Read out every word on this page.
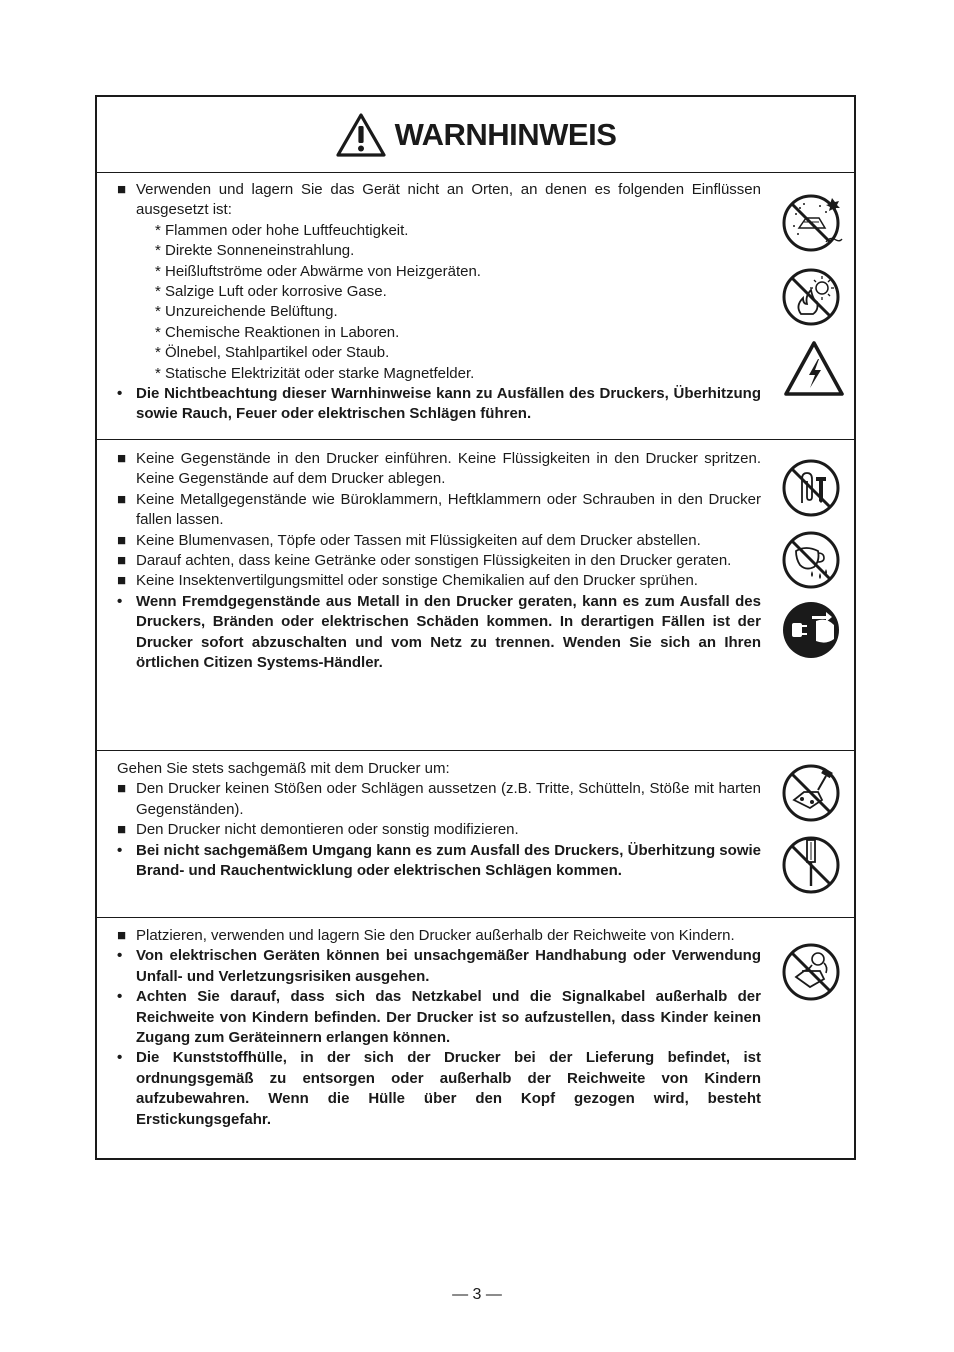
WARNHINWEIS
■ Verwenden und lagern Sie das Gerät nicht an Orten, an denen es folgenden Einflüssen ausgesetzt ist:
* Flammen oder hohe Luftfeuchtigkeit.
* Direkte Sonneneinstrahlung.
* Heißluftströme oder Abwärme von Heizgeräten.
* Salzige Luft oder korrosive Gase.
* Unzureichende Belüftung.
* Chemische Reaktionen in Laboren.
* Ölnebel, Stahlpartikel oder Staub.
* Statische Elektrizität oder starke Magnetfelder.
• Die Nichtbeachtung dieser Warnhinweise kann zu Ausfällen des Druckers, Überhitzung sowie Rauch, Feuer oder elektrischen Schlägen führen.
■ Keine Gegenstände in den Drucker einführen. Keine Flüssigkeiten in den Drucker spritzen. Keine Gegenstände auf dem Drucker ablegen.
■ Keine Metallgegenstände wie Büroklammern, Heftklammern oder Schrauben in den Drucker fallen lassen.
■ Keine Blumenvasen, Töpfe oder Tassen mit Flüssigkeiten auf dem Drucker abstellen.
■ Darauf achten, dass keine Getränke oder sonstigen Flüssigkeiten in den Drucker geraten.
■ Keine Insektenvertilgungsmittel oder sonstige Chemikalien auf den Drucker sprühen.
• Wenn Fremdgegenstände aus Metall in den Drucker geraten, kann es zum Ausfall des Druckers, Bränden oder elektrischen Schäden kommen. In derartigen Fällen ist der Drucker sofort abzuschalten und vom Netz zu trennen. Wenden Sie sich an Ihren örtlichen Citizen Systems-Händler.
Gehen Sie stets sachgemäß mit dem Drucker um:
■ Den Drucker keinen Stößen oder Schlägen aussetzen (z.B. Tritte, Schütteln, Stöße mit harten Gegenständen).
■ Den Drucker nicht demontieren oder sonstig modifizieren.
• Bei nicht sachgemäßem Umgang kann es zum Ausfall des Druckers, Überhitzung sowie Brand- und Rauchentwicklung oder elektrischen Schlägen kommen.
■ Platzieren, verwenden und lagern Sie den Drucker außerhalb der Reichweite von Kindern.
• Von elektrischen Geräten können bei unsachgemäßer Handhabung oder Verwendung Unfall- und Verletzungsrisiken ausgehen.
• Achten Sie darauf, dass sich das Netzkabel und die Signalkabel außerhalb der Reichweite von Kindern befinden. Der Drucker ist so aufzustellen, dass Kinder keinen Zugang zum Geräteinnern erlangen können.
• Die Kunststoffhülle, in der sich der Drucker bei der Lieferung befindet, ist ordnungsgemäß zu entsorgen oder außerhalb der Reichweite von Kindern aufzubewahren. Wenn die Hülle über den Kopf gezogen wird, besteht Erstickungsgefahr.
— 3 —
